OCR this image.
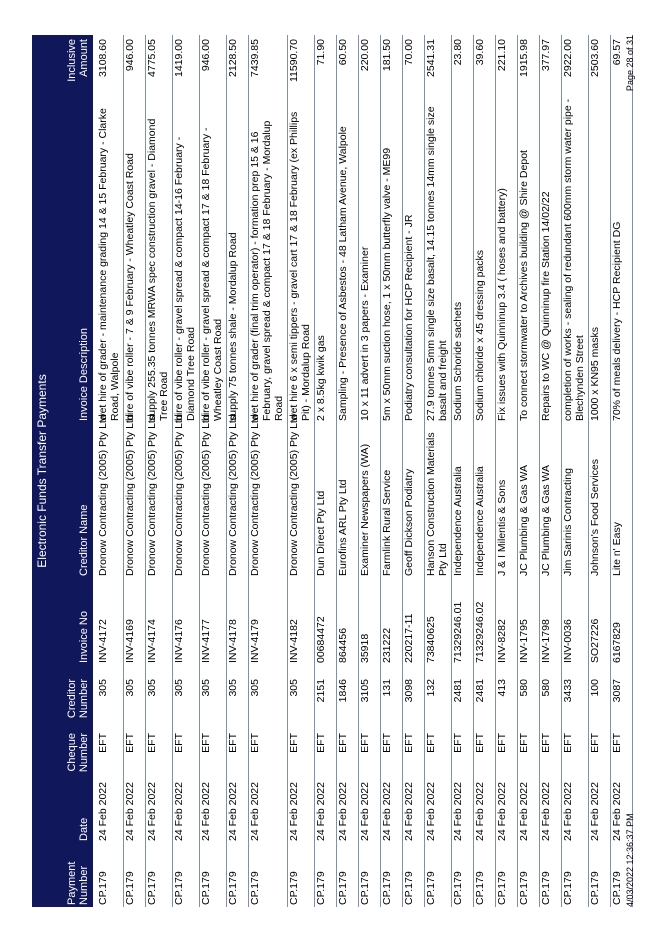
Electronic Funds Transfer Payments
Payment Number
Date
Cheque Number
Creditor Number
Invoice No
Creditor Name
Invoice Description
Inclusive Amount
CP.179
24 Feb 2022
EFT
305
INV-4172
Dronow Contracting (2005) Pty Ltd
wet hire of grader - maintenance grading 14 & 15 February - Clarke Road, Walpole
3108.60
CP.179
24 Feb 2022
EFT
305
INV-4169
Dronow Contracting (2005) Pty Ltd
hire of vibe roller - 7 & 9 February - Wheatley Coast Road
946.00
CP.179
24 Feb 2022
EFT
305
INV-4174
Dronow Contracting (2005) Pty Ltd
supply 255.35 tonnes MRWA spec construction gravel - Diamond Tree Road
4775.05
CP.179
24 Feb 2022
EFT
305
INV-4176
Dronow Contracting (2005) Pty Ltd
hire of vibe roller - gravel spread & compact 14-16 February - Diamond Tree Road
1419.00
CP.179
24 Feb 2022
EFT
305
INV-4177
Dronow Contracting (2005) Pty Ltd
hire of vibe roller - gravel spread & compact 17 & 18 February - Wheatley Coast Road
946.00
CP.179
24 Feb 2022
EFT
305
INV-4178
Dronow Contracting (2005) Pty Ltd
supply 75 tonnes shale - Mordalup Road
2128.50
CP.179
24 Feb 2022
EFT
305
INV-4179
Dronow Contracting (2005) Pty Ltd
wet hire of grader (final trim operator) - formation prep 15 & 16 February, gravel spread & compact 17 & 18 February - Mordalup Road
7439.85
CP.179
24 Feb 2022
EFT
305
INV-4182
Dronow Contracting (2005) Pty Ltd
wet hire 6 x semi tippers - gravel cart 17 & 18 February (ex Phillips Pit) - Mordalup Road
11590.70
CP.179
24 Feb 2022
EFT
2151
00684472
Dun Direct Pty Ltd
2 x 8.5kg kwik gas
71.90
CP.179
24 Feb 2022
EFT
1846
864456
Eurofins ARL Pty Ltd
Sampling - Presence of Asbestos - 48 Latham Avenue, Walpole
60.50
CP.179
24 Feb 2022
EFT
3105
35918
Examiner Newspapers (WA)
10 x 11 advert in 3 papers - Examiner
220.00
CP.179
24 Feb 2022
EFT
131
231222
Farmlink Rural Service
5m x 50mm suction hose, 1 x 50mm butterfly valve - ME99
181.50
CP.179
24 Feb 2022
EFT
3098
220217-11
Geoff Dickson Podiatry
Podiatry consultation for HCP Recipient - JR
70.00
CP.179
24 Feb 2022
EFT
132
73840625
Hanson Construction Materials Pty Ltd
27.9 tonnes 5mm single size basalt, 14.15 tonnes 14mm single size basalt and freight
2541.31
CP.179
24 Feb 2022
EFT
2481
71329246.01
Independence Australia
Sodium Schoride sachets
23.80
CP.179
24 Feb 2022
EFT
2481
71329246.02
Independence Australia
Sodium chloride x 45 dressing packs
39.60
CP.179
24 Feb 2022
EFT
413
INV-8282
J & I Milentis & Sons
Fix issues with Quinninup 3.4 ( hoses and battery)
221.10
CP.179
24 Feb 2022
EFT
580
INV-1795
JC Plumbing & Gas WA
To connect stormwater to Archives building @ Shire Depot
1915.98
CP.179
24 Feb 2022
EFT
580
INV-1798
JC Plumbing & Gas WA
Repairs to WC @ Quinninup fire Station 14/02/22
377.97
CP.179
24 Feb 2022
EFT
3433
INV-0036
Jim Sarinis Contracting
completion of works - sealing of redundant 600mm storm water pipe - Blechynden Street
2922.00
CP.179
24 Feb 2022
EFT
100
SO27226
Johnson's Food Services
1000 x KN95 masks
2503.60
CP.179
24 Feb 2022
EFT
3087
6167829
Lite n' Easy
70% of meals delivery - HCP Recipient DG
69.57
4/03/2022 12:36:37 PM
Page 28 of 31
